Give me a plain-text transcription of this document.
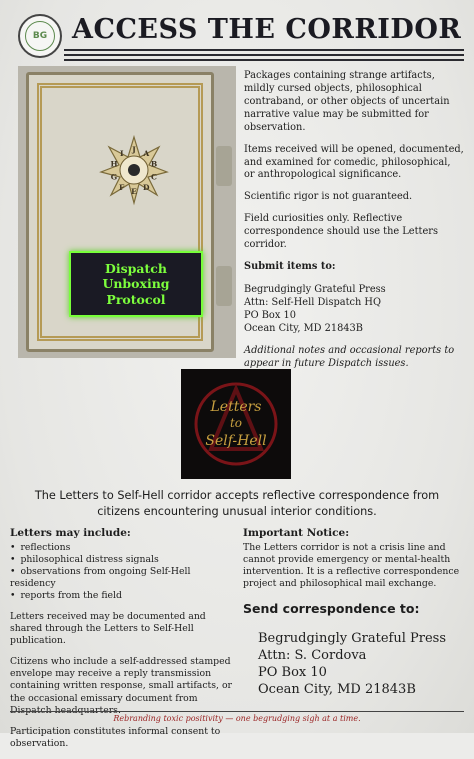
BG ACCESS THE CORRIDOR
J A
B
C
D
E
F
G
H
I
Dispatch
Unboxing
Protocol

Packages containing strange artifacts, mildly cursed objects, philosophical contraband, or other objects of uncertain narrative value may be submitted for observation.

Items received will be opened, documented, and examined for comedic, philosophical, or anthropological significance.

Scientific rigor is not guaranteed.

Field curiosities only. Reflective correspondence should use the Letters corridor.

Submit items to:

Begrudgingly Grateful Press
Attn: Self-Hell Dispatch HQ
PO Box 10
Ocean City, MD 21843B

Additional notes and occasional reports to appear in future Dispatch issues.

Letters
to
Self-Hell
The Letters to Self-Hell corridor accepts reflective correspondence from citizens encountering unusual interior conditions.
Letters may include:
• reflections
• philosophical distress signals
• observations from ongoing Self-Hell residency
• reports from the field

Letters received may be documented and shared through the Letters to Self-Hell publication.

Citizens who include a self-addressed stamped envelope may receive a reply transmission containing written response, small artifacts, or the occasional emissary document from

Participation constitutes informal consent to observation.

Important Notice:

The Letters corridor is not a crisis line and cannot provide emergency or mental-health intervention. It is a reflective correspondence project and philosophical mail exchange.

Send correspondence to:
Begrudgingly Grateful Press
Attn: S. Cordova
PO Box 10
Ocean City, MD 21843B
Rebranding toxic positivity — one begrudging sigh at a time.
